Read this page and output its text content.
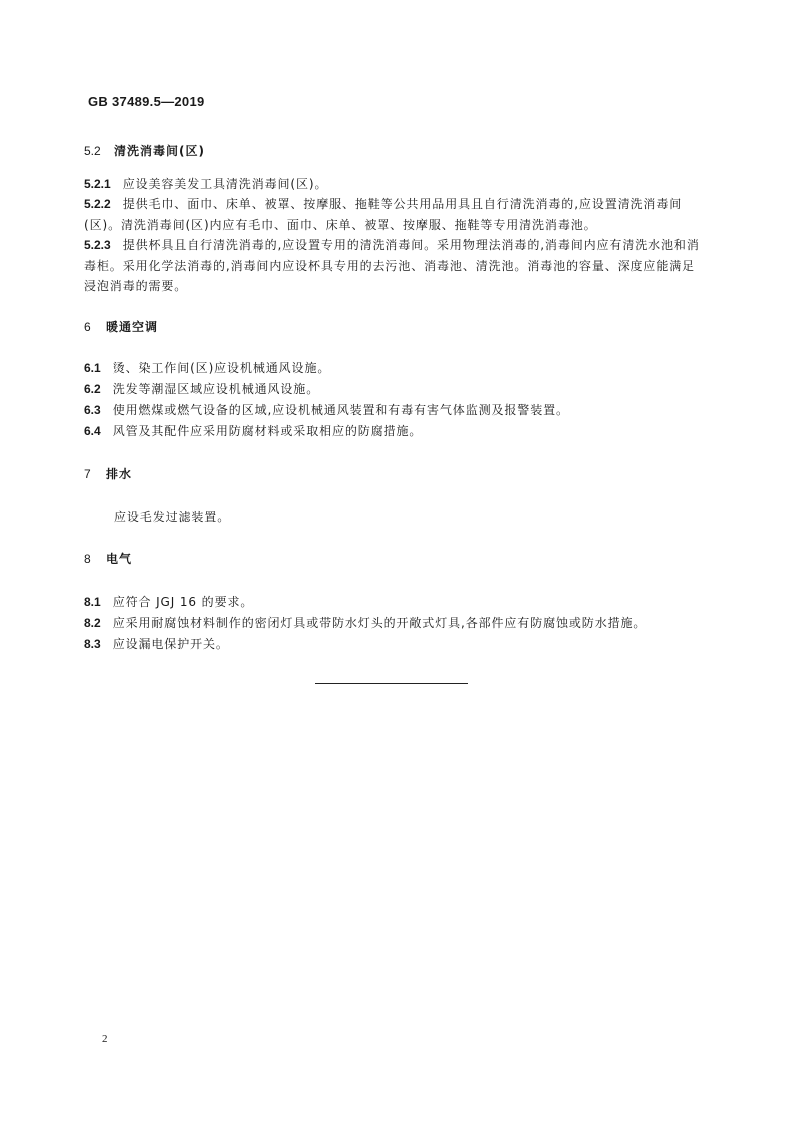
GB 37489.5—2019
5.2 清洗消毒间(区)
5.2.1 应设美容美发工具清洗消毒间(区)。
5.2.2 提供毛巾、面巾、床单、被罩、按摩服、拖鞋等公共用品用具且自行清洗消毒的,应设置清洗消毒间(区)。清洗消毒间(区)内应有毛巾、面巾、床单、被罩、按摩服、拖鞋等专用清洗消毒池。
5.2.3 提供杯具且自行清洗消毒的,应设置专用的清洗消毒间。采用物理法消毒的,消毒间内应有清洗水池和消毒柜。采用化学法消毒的,消毒间内应设杯具专用的去污池、消毒池、清洗池。消毒池的容量、深度应能满足浸泡消毒的需要。
6 暖通空调
6.1 烫、染工作间(区)应设机械通风设施。
6.2 洗发等潮湿区域应设机械通风设施。
6.3 使用燃煤或燃气设备的区域,应设机械通风装置和有毒有害气体监测及报警装置。
6.4 风管及其配件应采用防腐材料或采取相应的防腐措施。
7 排水
应设毛发过滤装置。
8 电气
8.1 应符合 JGJ 16 的要求。
8.2 应采用耐腐蚀材料制作的密闭灯具或带防水灯头的开敞式灯具,各部件应有防腐蚀或防水措施。
8.3 应设漏电保护开关。
2
